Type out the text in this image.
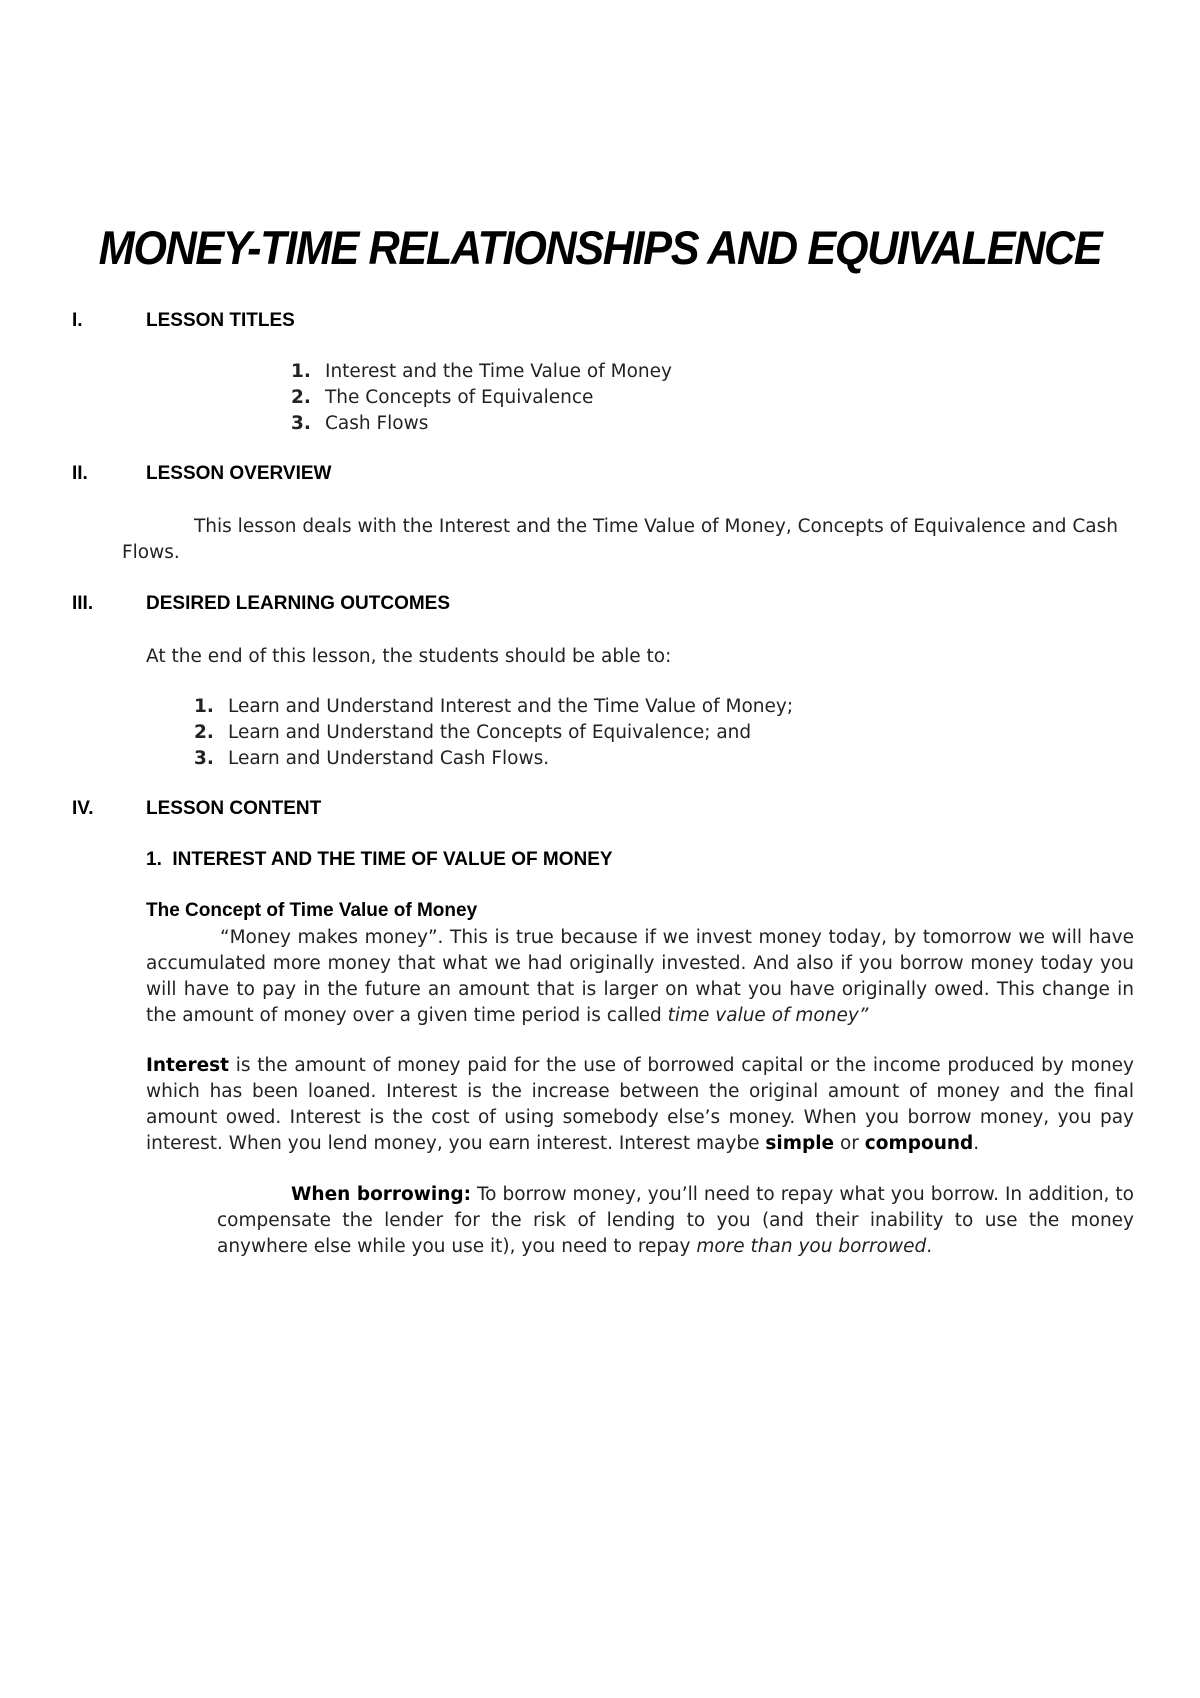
MONEY-TIME RELATIONSHIPS AND EQUIVALENCE
I.	LESSON TITLES
1. Interest and the Time Value of Money
2. The Concepts of Equivalence
3. Cash Flows
II.	LESSON OVERVIEW
This lesson deals with the Interest and the Time Value of Money, Concepts of Equivalence and Cash Flows.
III.	DESIRED LEARNING OUTCOMES
At the end of this lesson, the students should be able to:
1. Learn and Understand Interest and the Time Value of Money;
2. Learn and Understand the Concepts of Equivalence; and
3. Learn and Understand Cash Flows.
IV.	LESSON CONTENT
1.  INTEREST AND THE TIME OF VALUE OF MONEY
The Concept of Time Value of Money
“Money makes money”. This is true because if we invest money today, by tomorrow we will have accumulated more money that what we had originally invested. And also if you borrow money today you will have to pay in the future an amount that is larger on what you have originally owed. This change in the amount of money over a given time period is called time value of money”
Interest is the amount of money paid for the use of borrowed capital or the income produced by money which has been loaned. Interest is the increase between the original amount of money and the final amount owed. Interest is the cost of using somebody else’s money. When you borrow money, you pay interest. When you lend money, you earn interest. Interest maybe simple or compound.
When borrowing: To borrow money, you’ll need to repay what you borrow. In addition, to compensate the lender for the risk of lending to you (and their inability to use the money anywhere else while you use it), you need to repay more than you borrowed.
